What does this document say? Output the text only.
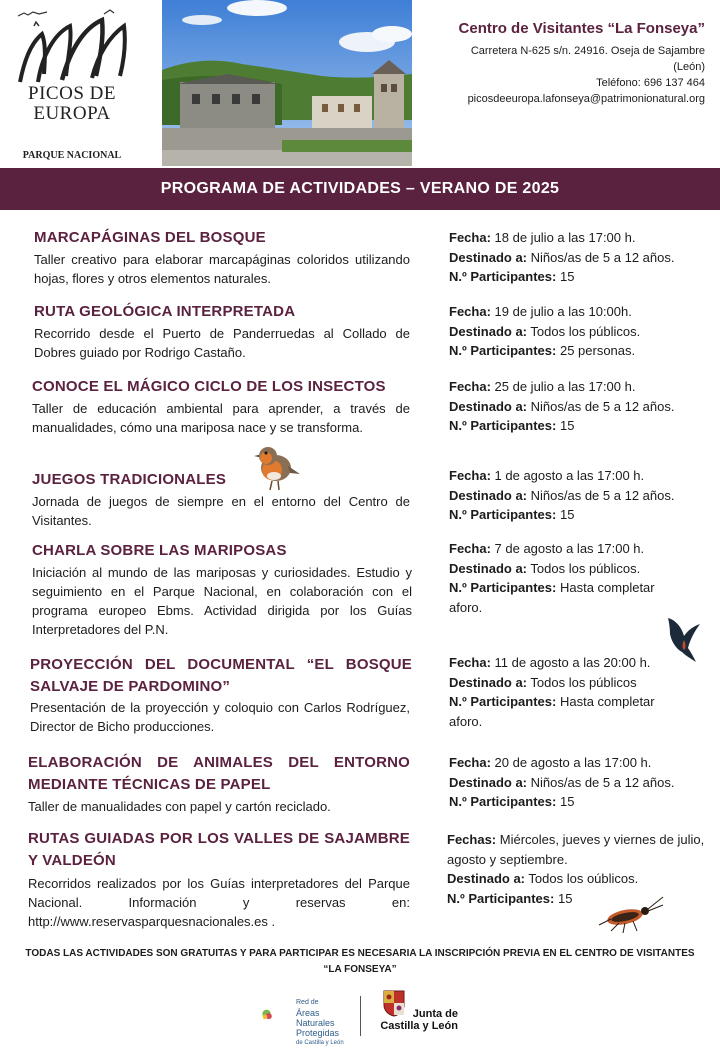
PICOS DE
EUROPA
PARQUE NACIONAL
Centro de Visitantes “La Fonseya”
Carretera N-625 s/n. 24916. Oseja de Sajambre
(León)
Teléfono: 696 137 464
picosdeeuropa.lafonseya@patrimonionatural.org
PROGRAMA DE ACTIVIDADES – VERANO DE 2025
MARCAPÁGINAS DEL BOSQUE
Taller creativo para elaborar marcapáginas coloridos utilizando hojas, flores y otros elementos naturales.
Fecha: 18 de julio a las 17:00 h.
Destinado a: Niños/as de 5 a 12 años.
N.º Participantes: 15
RUTA GEOLÓGICA INTERPRETADA
Recorrido desde el Puerto de Panderruedas al Collado de Dobres guiado por Rodrigo Castaño.
Fecha: 19 de julio a las 10:00h.
Destinado a: Todos los públicos.
N.º Participantes: 25 personas.
CONOCE EL MÁGICO CICLO DE LOS INSECTOS
Taller de educación ambiental para aprender, a través de manualidades, cómo una mariposa nace y se transforma.
Fecha: 25 de julio a las 17:00 h.
Destinado a: Niños/as de 5 a 12 años.
N.º Participantes: 15
JUEGOS TRADICIONALES
Jornada de juegos de siempre en el entorno del Centro de Visitantes.
Fecha: 1 de agosto a las 17:00 h.
Destinado a: Niños/as de 5 a 12 años.
N.º Participantes: 15
CHARLA SOBRE LAS MARIPOSAS
Iniciación al mundo de las mariposas y curiosidades. Estudio y seguimiento en el Parque Nacional, en colaboración con el programa europeo Ebms. Actividad dirigida por los Guías Interpretadores del P.N.
Fecha: 7 de agosto a las 17:00 h.
Destinado a: Todos los públicos.
N.º Participantes: Hasta completar aforo.
PROYECCIÓN DEL DOCUMENTAL “EL BOSQUE SALVAJE DE PARDOMINO”
Presentación de la proyección y coloquio con Carlos Rodríguez, Director de Bicho producciones.
Fecha: 11 de agosto a las 20:00 h.
Destinado a: Todos los públicos
N.º Participantes: Hasta completar aforo.
ELABORACIÓN DE ANIMALES DEL ENTORNO MEDIANTE TÉCNICAS DE PAPEL
Taller de manualidades con papel y cartón reciclado.
Fecha: 20 de agosto a las 17:00 h.
Destinado a: Niños/as de 5 a 12 años.
N.º Participantes: 15
RUTAS GUIADAS POR LOS VALLES DE SAJAMBRE Y VALDEÓN
Recorridos realizados por los Guías interpretadores del Parque Nacional. Información y reservas en: http://www.reservasparquesnacionales.es .
Fechas: Miércoles, jueves y viernes de julio, agosto y septiembre.
Destinado a: Todos los oúblicos.
N.º Participantes: 15
TODAS LAS ACTIVIDADES SON GRATUITAS Y PARA PARTICIPAR ES NECESARIA LA INSCRIPCIÓN PREVIA EN EL CENTRO DE VISITANTES “LA FONSEYA”
Red de
Áreas
Naturales
Protegidas
de Castilla y León
Junta de
Castilla y León
